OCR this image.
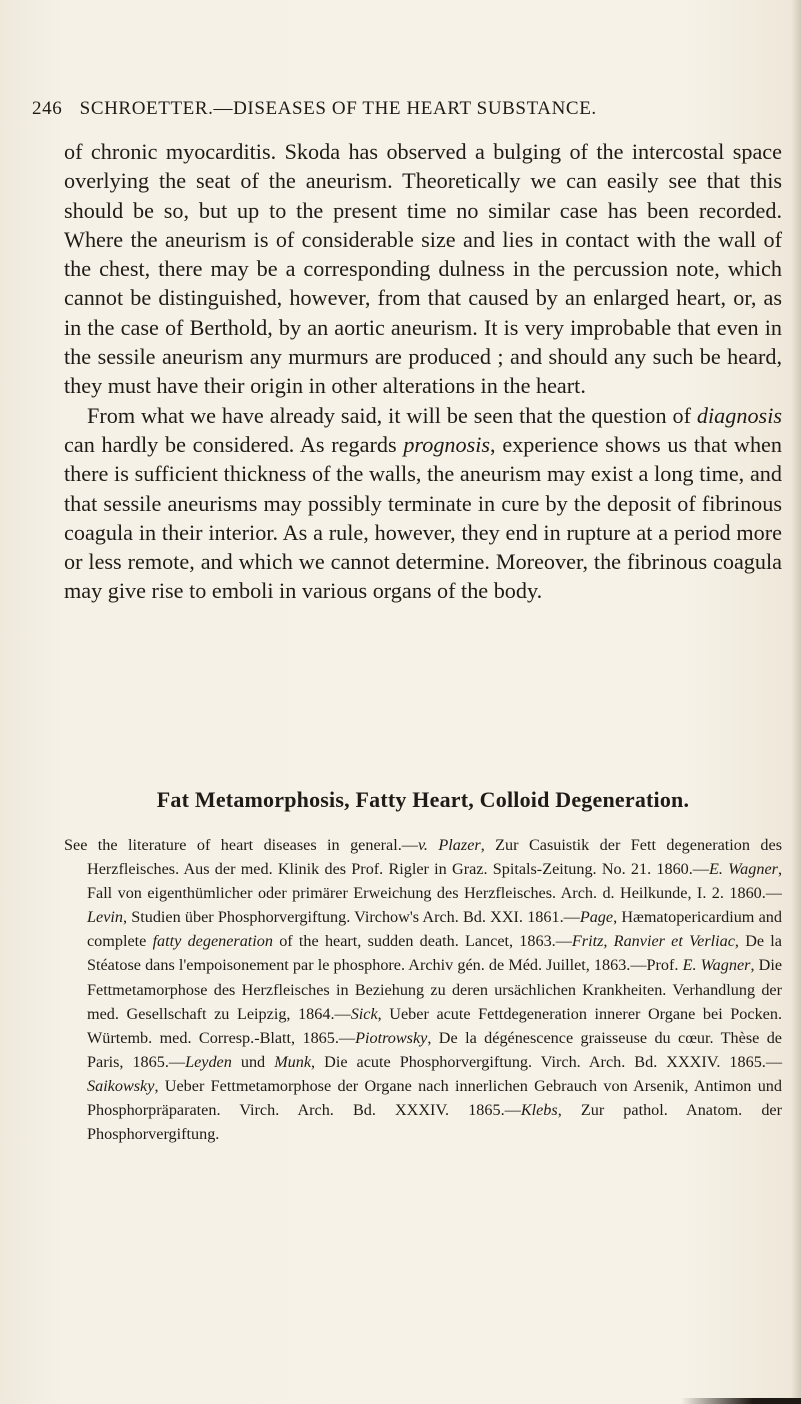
246 SCHROETTER.—DISEASES OF THE HEART SUBSTANCE.

of chronic myocarditis. Skoda has observed a bulging of the intercostal space overlying the seat of the aneurism. Theoretically we can easily see that this should be so, but up to the present time no similar case has been recorded. Where the aneurism is of considerable size and lies in contact with the wall of the chest, there may be a corresponding dulness in the percussion note, which cannot be distinguished, however, from that caused by an enlarged heart, or, as in the case of Berthold, by an aortic aneurism. It is very improbable that even in the sessile aneurism any murmurs are produced ; and should any such be heard, they must have their origin in other alterations in the heart.

From what we have already said, it will be seen that the question of diagnosis can hardly be considered. As regards prognosis, experience shows us that when there is sufficient thickness of the walls, the aneurism may exist a long time, and that sessile aneurisms may possibly terminate in cure by the deposit of fibrinous coagula in their interior. As a rule, however, they end in rupture at a period more or less remote, and which we cannot determine. Moreover, the fibrinous coagula may give rise to emboli in various organs of the body.

Fat Metamorphosis, Fatty Heart, Colloid Degeneration.
See the literature of heart diseases in general.—v. Plazer, Zur Casuistik der Fett degeneration des Herzfleisches. Aus der med. Klinik des Prof. Rigler in Graz. Spitals-Zeitung. No. 21. 1860.—E. Wagner, Fall von eigenthümlicher oder primärer Erweichung des Herzfleisches. Arch. d. Heilkunde, I. 2. 1860.—Levin, Studien über Phosphorvergiftung. Virchow's Arch. Bd. XXI. 1861.—Page, Hæmatopericardium and complete fatty degeneration of the heart, sudden death. Lancet, 1863.—Fritz, Ranvier et Verliac, De la Stéatose dans l'empoisonement par le phosphore. Archiv gén. de Méd. Juillet, 1863.—Prof. E. Wagner, Die Fettmetamorphose des Herzfleisches in Beziehung zu deren ursächlichen Krankheiten. Verhandlung der med. Gesellschaft zu Leipzig, 1864.—Sick, Ueber acute Fettdegeneration innerer Organe bei Pocken. Würtemb. med. Corresp.-Blatt, 1865.—Piotrowsky, De la dégénescence graisseuse du cœur. Thèse de Paris, 1865.—Leyden und Munk, Die acute Phosphorvergiftung. Virch. Arch. Bd. XXXIV. 1865.—Saikowsky, Ueber Fettmetamorphose der Organe nach innerlichen Gebrauch von Arsenik, Antimon und Phosphorpräparaten. Virch. Arch. Bd. XXXIV. 1865.—Klebs, Zur pathol. Anatom. der Phosphorvergiftung.
